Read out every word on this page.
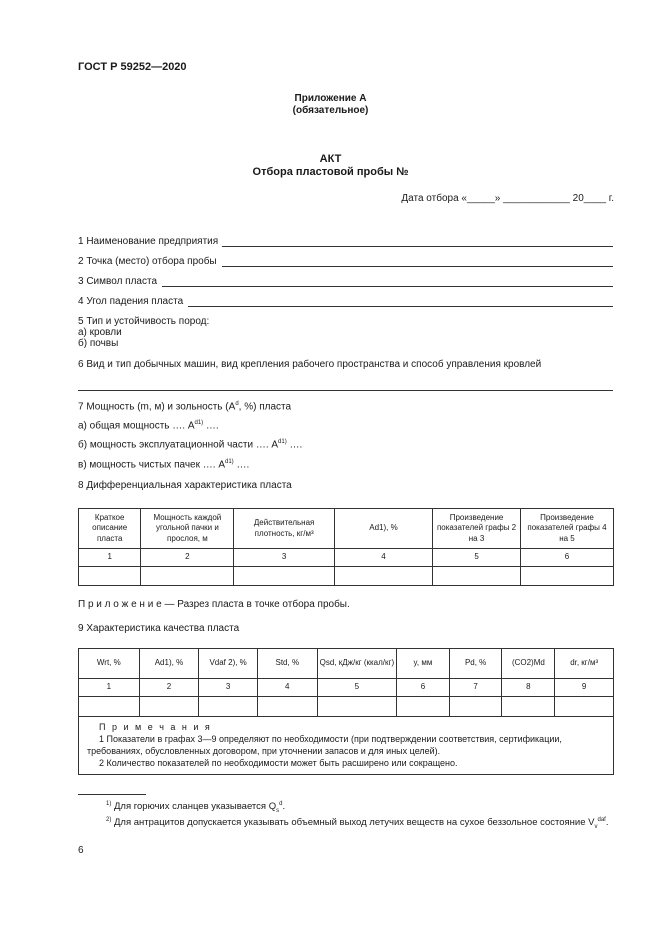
ГОСТ Р 59252—2020
Приложение А
(обязательное)
АКТ
Отбора пластовой пробы №
Дата отбора «_____» ____________ 20____ г.
1 Наименование предприятия
2 Точка (место) отбора пробы
3 Символ пласта
4 Угол падения пласта
5 Тип и устойчивость пород:
а) кровли
б) почвы
6 Вид и тип добычных машин, вид крепления рабочего пространства и способ управления кровлей
7 Мощность (m, м) и зольность ($A^d$, %) пласта
а) общая мощность …. $A^{d1)}$ ….
б) мощность эксплуатационной части …. $A^{d1)}$ ….
в) мощность чистых пачек …. $A^{d1)}$ ….
8 Дифференциальная характеристика пласта
Краткое описание пласта	Мощность каждой угольной пачки и прослоя, м	Действительная плотность, кг/м³	Ad1), %	Произведение показателей графы 2 на 3	Произведение показателей графы 4 на 5
1	2	3	4	5	6

П р и л о ж е н и е — Разрез пласта в точке отбора пробы.
9 Характеристика качества пласта
Wrt, %	Ad1), %	Vdaf 2), %	Std, %	Qsd, кДж/кг (ккал/кг)	y, мм	Pd, %	(CO2)Мd	dr, кг/м³
1	2	3	4	5	6	7	8	9

П р и м е ч а н и я
1 Показатели в графах 3—9 определяют по необходимости (при подтверждении соответствия, сертификации, требованиях, обусловленных договором, при уточнении запасов и для иных целей).
2 Количество показателей по необходимости может быть расширено или сокращено.								
$^{1)}$ Для горючих сланцев указывается $Q_s^d$.
$^{2)}$ Для антрацитов допускается указывать объемный выход летучих веществ на сухое беззольное состояние $V_v^{daf}$.
6
